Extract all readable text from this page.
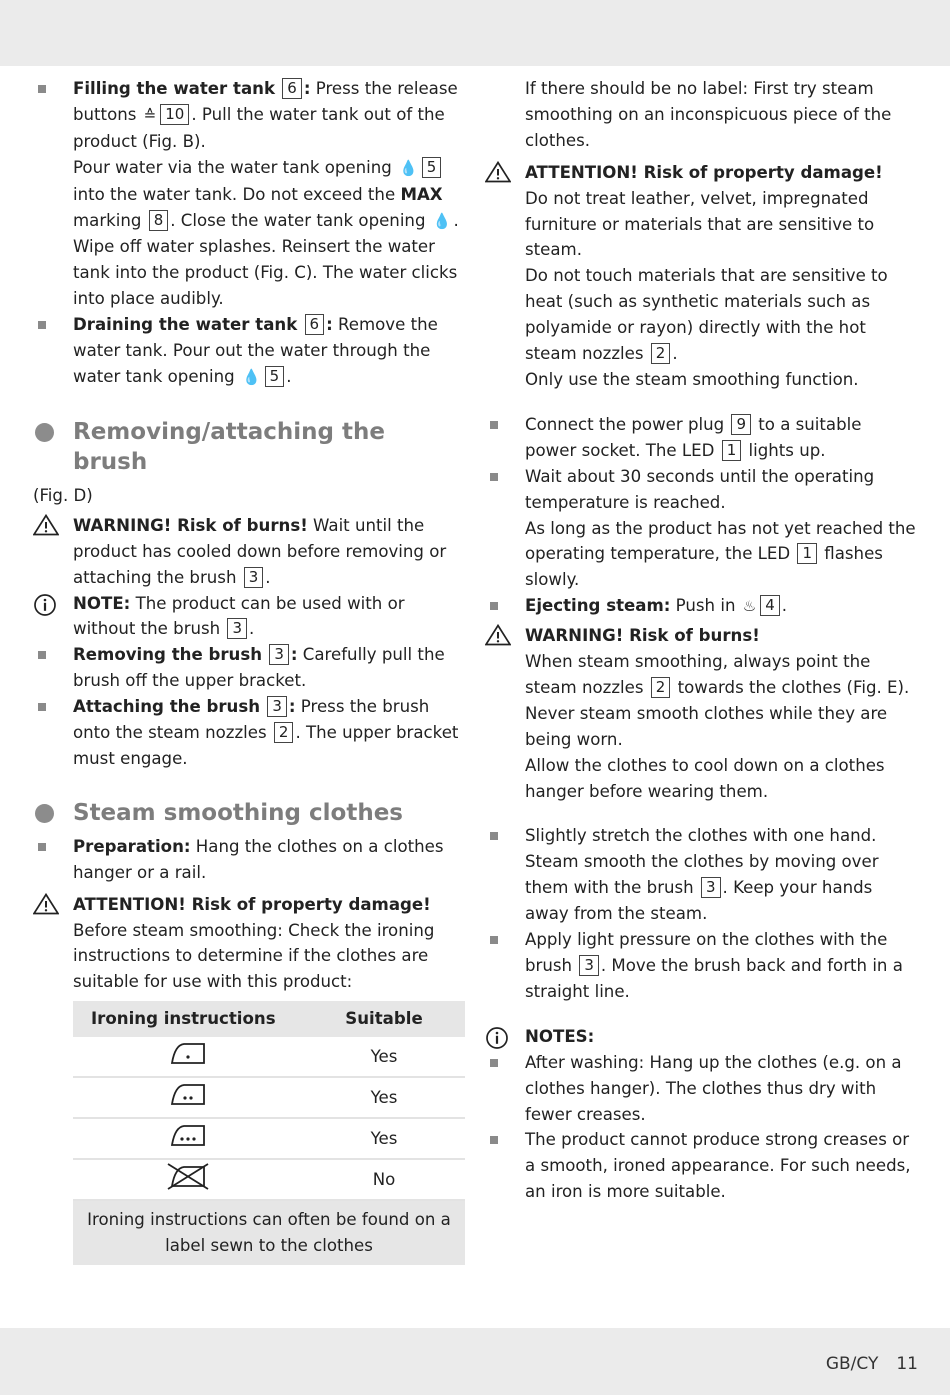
Filling the water tank 6 : Press the release buttons ≙ 10 . Pull the water tank out of the product (Fig. B).
Pour water via the water tank opening 💧 5 into the water tank. Do not exceed the MAX marking 8 . Close the water tank opening 💧 . Wipe off water splashes. Reinsert the water tank into the product (Fig. C). The water clicks into place audibly.
Draining the water tank 6 : Remove the water tank. Pour out the water through the water tank opening 💧 5 .
Removing/attaching the brush
(Fig. D)
WARNING! Risk of burns! Wait until the product has cooled down before removing or attaching the brush 3 .
NOTE: The product can be used with or without the brush 3 .
Removing the brush 3 : Carefully pull the brush off the upper bracket.
Attaching the brush 3 : Press the brush onto the steam nozzles 2 . The upper bracket must engage.
Steam smoothing clothes
Preparation: Hang the clothes on a clothes hanger or a rail.
ATTENTION! Risk of property damage!
Before steam smoothing: Check the ironing instructions to determine if the clothes are suitable for use with this product:
Ironing instructions	Suitable
	Yes
	Yes
	Yes
	No
Ironing instructions can often be found on a label sewn to the clothes	
If there should be no label: First try steam smoothing on an inconspicuous piece of the clothes.
ATTENTION! Risk of property damage!
Do not treat leather, velvet, impregnated furniture or materials that are sensitive to steam.
Do not touch materials that are sensitive to heat (such as synthetic materials such as polyamide or rayon) directly with the hot steam nozzles 2 .
Only use the steam smoothing function.
Connect the power plug 9 to a suitable power socket. The LED 1 lights up.
Wait about 30 seconds until the operating temperature is reached.
As long as the product has not yet reached the operating temperature, the LED 1 flashes slowly.
Ejecting steam: Push in ♨ 4 .
WARNING! Risk of burns!
When steam smoothing, always point the steam nozzles 2 towards the clothes (Fig. E).
Never steam smooth clothes while they are being worn.
Allow the clothes to cool down on a clothes hanger before wearing them.
Slightly stretch the clothes with one hand. Steam smooth the clothes by moving over them with the brush 3 . Keep your hands away from the steam.
Apply light pressure on the clothes with the brush 3 . Move the brush back and forth in a straight line.
NOTES:
After washing: Hang up the clothes (e.g. on a clothes hanger). The clothes thus dry with fewer creases.
The product cannot produce strong creases or a smooth, ironed appearance. For such needs, an iron is more suitable.
GB/CY 11
